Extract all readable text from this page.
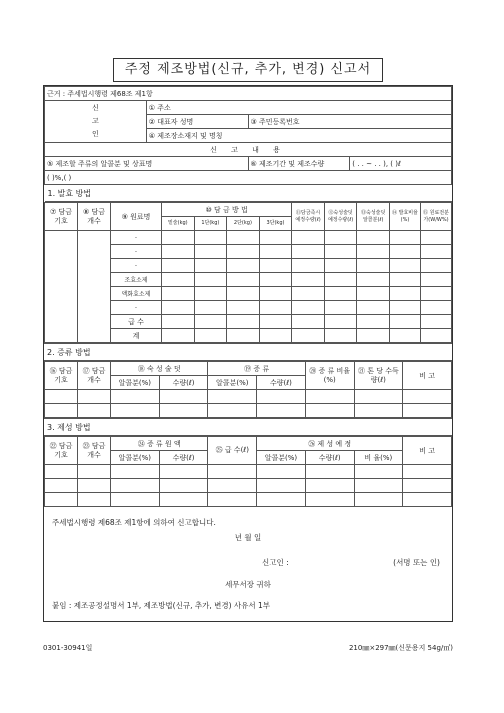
주정 제조방법(신규, 추가, 변경) 신고서
근거 : 주세법시행령 제68조 제1항			
신
고
인	① 주소		
	② 대표자 성명	③ 주민등록번호	
	④ 제조장소재지 및 명칭		
신 고 내 용			
⑤ 제조할 주류의 알콜분 및 상표명		⑥ 제조기간 및 제조수량	( . . ~ . . ), ( )ℓ
( )%,( )			
1. 발효 방법			
⑦ 담금기호	⑧ 담금개수	⑨ 원료명	⑩ 담 금 방 법				⑪담금즉시예정수량(ℓ)	⑫숙성술덧예정수량(ℓ)	⑬숙성술덧알콜분(ℓ)	⑭ 발효비율(%)	⑮ 원료전분가(W/W%)
			밑술(kg)	1단(kg)	2단(kg)	3단(kg)					
		·									
		·									
		·									
		조효소제									
		액화효소제									
		·									
		급 수									
		계									
2. 증류 방법
⑯ 담금기호	⑰ 담금개수	⑱ 숙 성 술 덧		⑲ 증 류		⑳ 증 류 비율(%)	㉑ 톤 당 수득량(ℓ)	비 고
		알콜분(%)	수량(ℓ)	알콜분(%)	수량(ℓ)			

3. 제성 방법
㉒ 담금기호	㉓ 담금개수	㉔ 증 류 원 액		㉕ 급 수(ℓ)	㉖ 제 성 예 정			비 고
		알콜분(%)	수량(ℓ)		알콜분(%)	수량(ℓ)	비 율(%)	

주세법시행령 제68조 제1항에 의하여 신고합니다.
년 월 일
신고인 :	(서명 또는 인)
세무서장 귀하
붙임 : 제조공정설명서 1부, 제조방법(신규, 추가, 변경) 사유서 1부
0301-30941일	210㎜×297㎜(신문용지 54g/㎡)
